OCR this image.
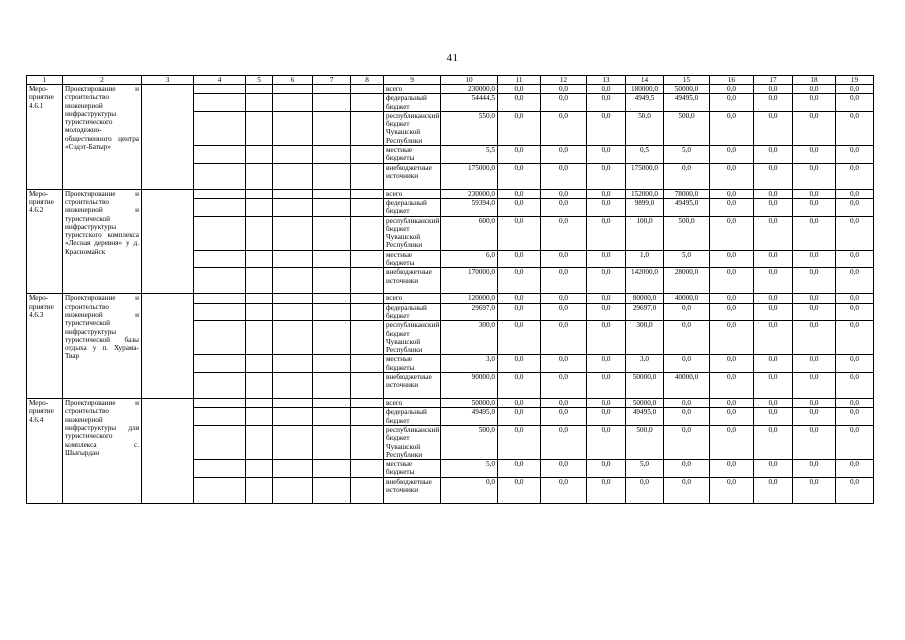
41
1	2	3	4	5	6	7	8	9	10	11	12	13	14	15	16	17	18	19
Меро-
приятие
4.6.1	Проектирование и строительство инженерной инфраструктуры туристического молодежно-общественного центра «Сэдэт-Батыр»							всего	230000,0	0,0	0,0	0,0	180000,0	50000,0	0,0	0,0	0,0	0,0
								федеральный бюджет	54444,5	0,0	0,0	0,0	4949,5	49495,0	0,0	0,0	0,0	0,0
								республиканский бюджет Чувашской Республики	550,0	0,0	0,0	0,0	50,0	500,0	0,0	0,0	0,0	0,0
								местные бюджеты	5,5	0,0	0,0	0,0	0,5	5,0	0,0	0,0	0,0	0,0
								внебюджетные источники	175000,0	0,0	0,0	0,0	175000,0	0,0	0,0	0,0	0,0	0,0
Меро-
приятие
4.6.2	Проектирование и строительство инженерной и туристической инфраструктуры туристского комплекса «Лесная деревня» у д. Красномайск							всего	230000,0	0,0	0,0	0,0	152000,0	78000,0	0,0	0,0	0,0	0,0
								федеральный бюджет	59394,0	0,0	0,0	0,0	9899,0	49495,0	0,0	0,0	0,0	0,0
								республиканский бюджет Чувашской Республики	600,0	0,0	0,0	0,0	100,0	500,0	0,0	0,0	0,0	0,0
								местные бюджеты	6,0	0,0	0,0	0,0	1,0	5,0	0,0	0,0	0,0	0,0
								внебюджетные источники	170000,0	0,0	0,0	0,0	142000,0	28000,0	0,0	0,0	0,0	0,0
Меро-
приятие
4.6.3	Проектирование и строительство инженерной и туристической инфраструктуры туристической базы отдыха у п. Хурама-Тваp							всего	120000,0	0,0	0,0	0,0	80000,0	40000,0	0,0	0,0	0,0	0,0
								федеральный бюджет	29697,0	0,0	0,0	0,0	29697,0	0,0	0,0	0,0	0,0	0,0
								республиканский бюджет Чувашской Республики	300,0	0,0	0,0	0,0	300,0	0,0	0,0	0,0	0,0	0,0
								местные бюджеты	3,0	0,0	0,0	0,0	3,0	0,0	0,0	0,0	0,0	0,0
								внебюджетные источники	90000,0	0,0	0,0	0,0	50000,0	40000,0	0,0	0,0	0,0	0,0
Меро-
приятие
4.6.4	Проектирование и строительство инженерной инфраструктуры для туристического комплекса с. Шыгырдан							всего	50000,0	0,0	0,0	0,0	50000,0	0,0	0,0	0,0	0,0	0,0
								федеральный бюджет	49495,0	0,0	0,0	0,0	49495,0	0,0	0,0	0,0	0,0	0,0
								республиканский бюджет Чувашской Республики	500,0	0,0	0,0	0,0	500,0	0,0	0,0	0,0	0,0	0,0
								местные бюджеты	5,0	0,0	0,0	0,0	5,0	0,0	0,0	0,0	0,0	0,0
								внебюджетные источники	0,0	0,0	0,0	0,0	0,0	0,0	0,0	0,0	0,0	0,0
